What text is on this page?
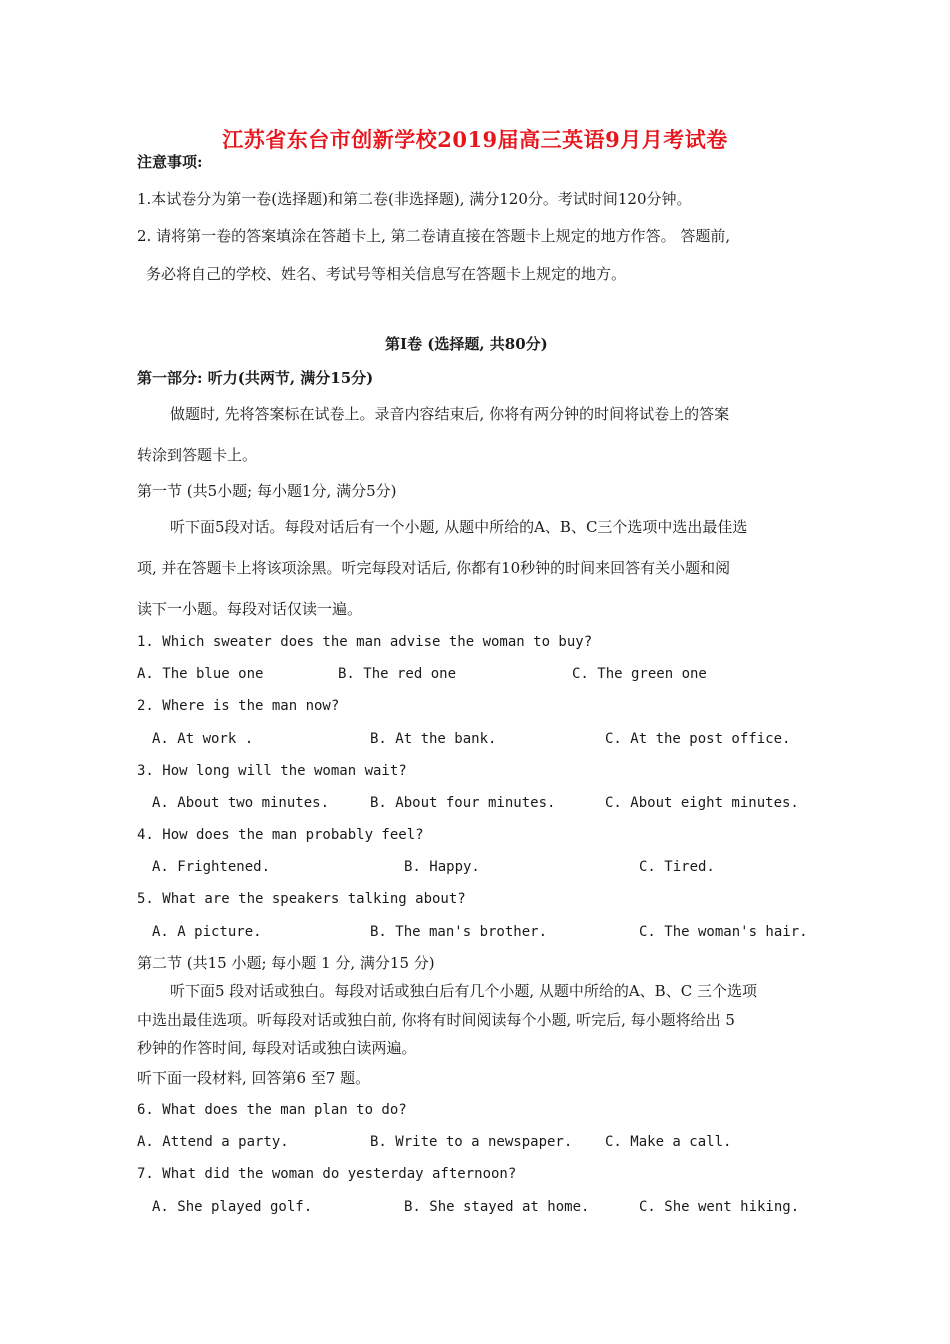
江苏省东台市创新学校2019届高三英语9月月考试卷
注意事项:
1.本试卷分为第一卷(选择题)和第二卷(非选择题), 满分120分。考试时间120分钟。
2. 请将第一卷的答案填涂在答趙卡上, 第二卷请直接在答题卡上规定的地方作答。 答题前,
务必将自己的学校、姓名、考试号等相关信息写在答题卡上规定的地方。
第I卷 (选择题, 共80分)
第一部分: 听力(共两节, 满分15分)
做题时, 先将答案标在试卷上。录音内容结束后, 你将有两分钟的时间将试卷上的答案
转涂到答题卡上。
第一节 (共5小题; 每小题1分, 满分5分)
听下面5段对话。每段对话后有一个小题, 从题中所给的A、B、C三个选项中选出最佳选
项, 并在答题卡上将该项涂黑。听完每段对话后, 你都有10秒钟的时间来回答有关小题和阅
读下一小题。每段对话仅读一遍。
1. Which sweater does the man advise the woman to buy?
A. The blue one	B. The red one	C. The green one
2. Where is the man now?
A. At work .	B. At the bank.	C. At the post office.
3. How long will the woman wait?
A. About two minutes.	B. About four minutes.	C. About eight minutes.
4. How does the man probably feel?
A. Frightened.	B. Happy.	C. Tired.
5. What are the speakers talking about?
A. A picture.	B. The man's brother.	C. The woman's hair.
第二节 (共15 小题; 每小题 1 分, 满分15 分)
听下面5 段对话或独白。每段对话或独白后有几个小题, 从题中所给的A、B、C 三个选项
中选出最佳选项。听每段对话或独白前, 你将有时间阅读每个小题, 听完后, 每小题将给出 5
秒钟的作答时间, 每段对话或独白读两遍。
听下面一段材料, 回答第6 至7 题。
6. What does the man plan to do?
A. Attend a party.	B. Write to a newspaper. C. Make a call.
7. What did the woman do yesterday afternoon?
A. She played golf.	B. She stayed at home.	C. She went hiking.
